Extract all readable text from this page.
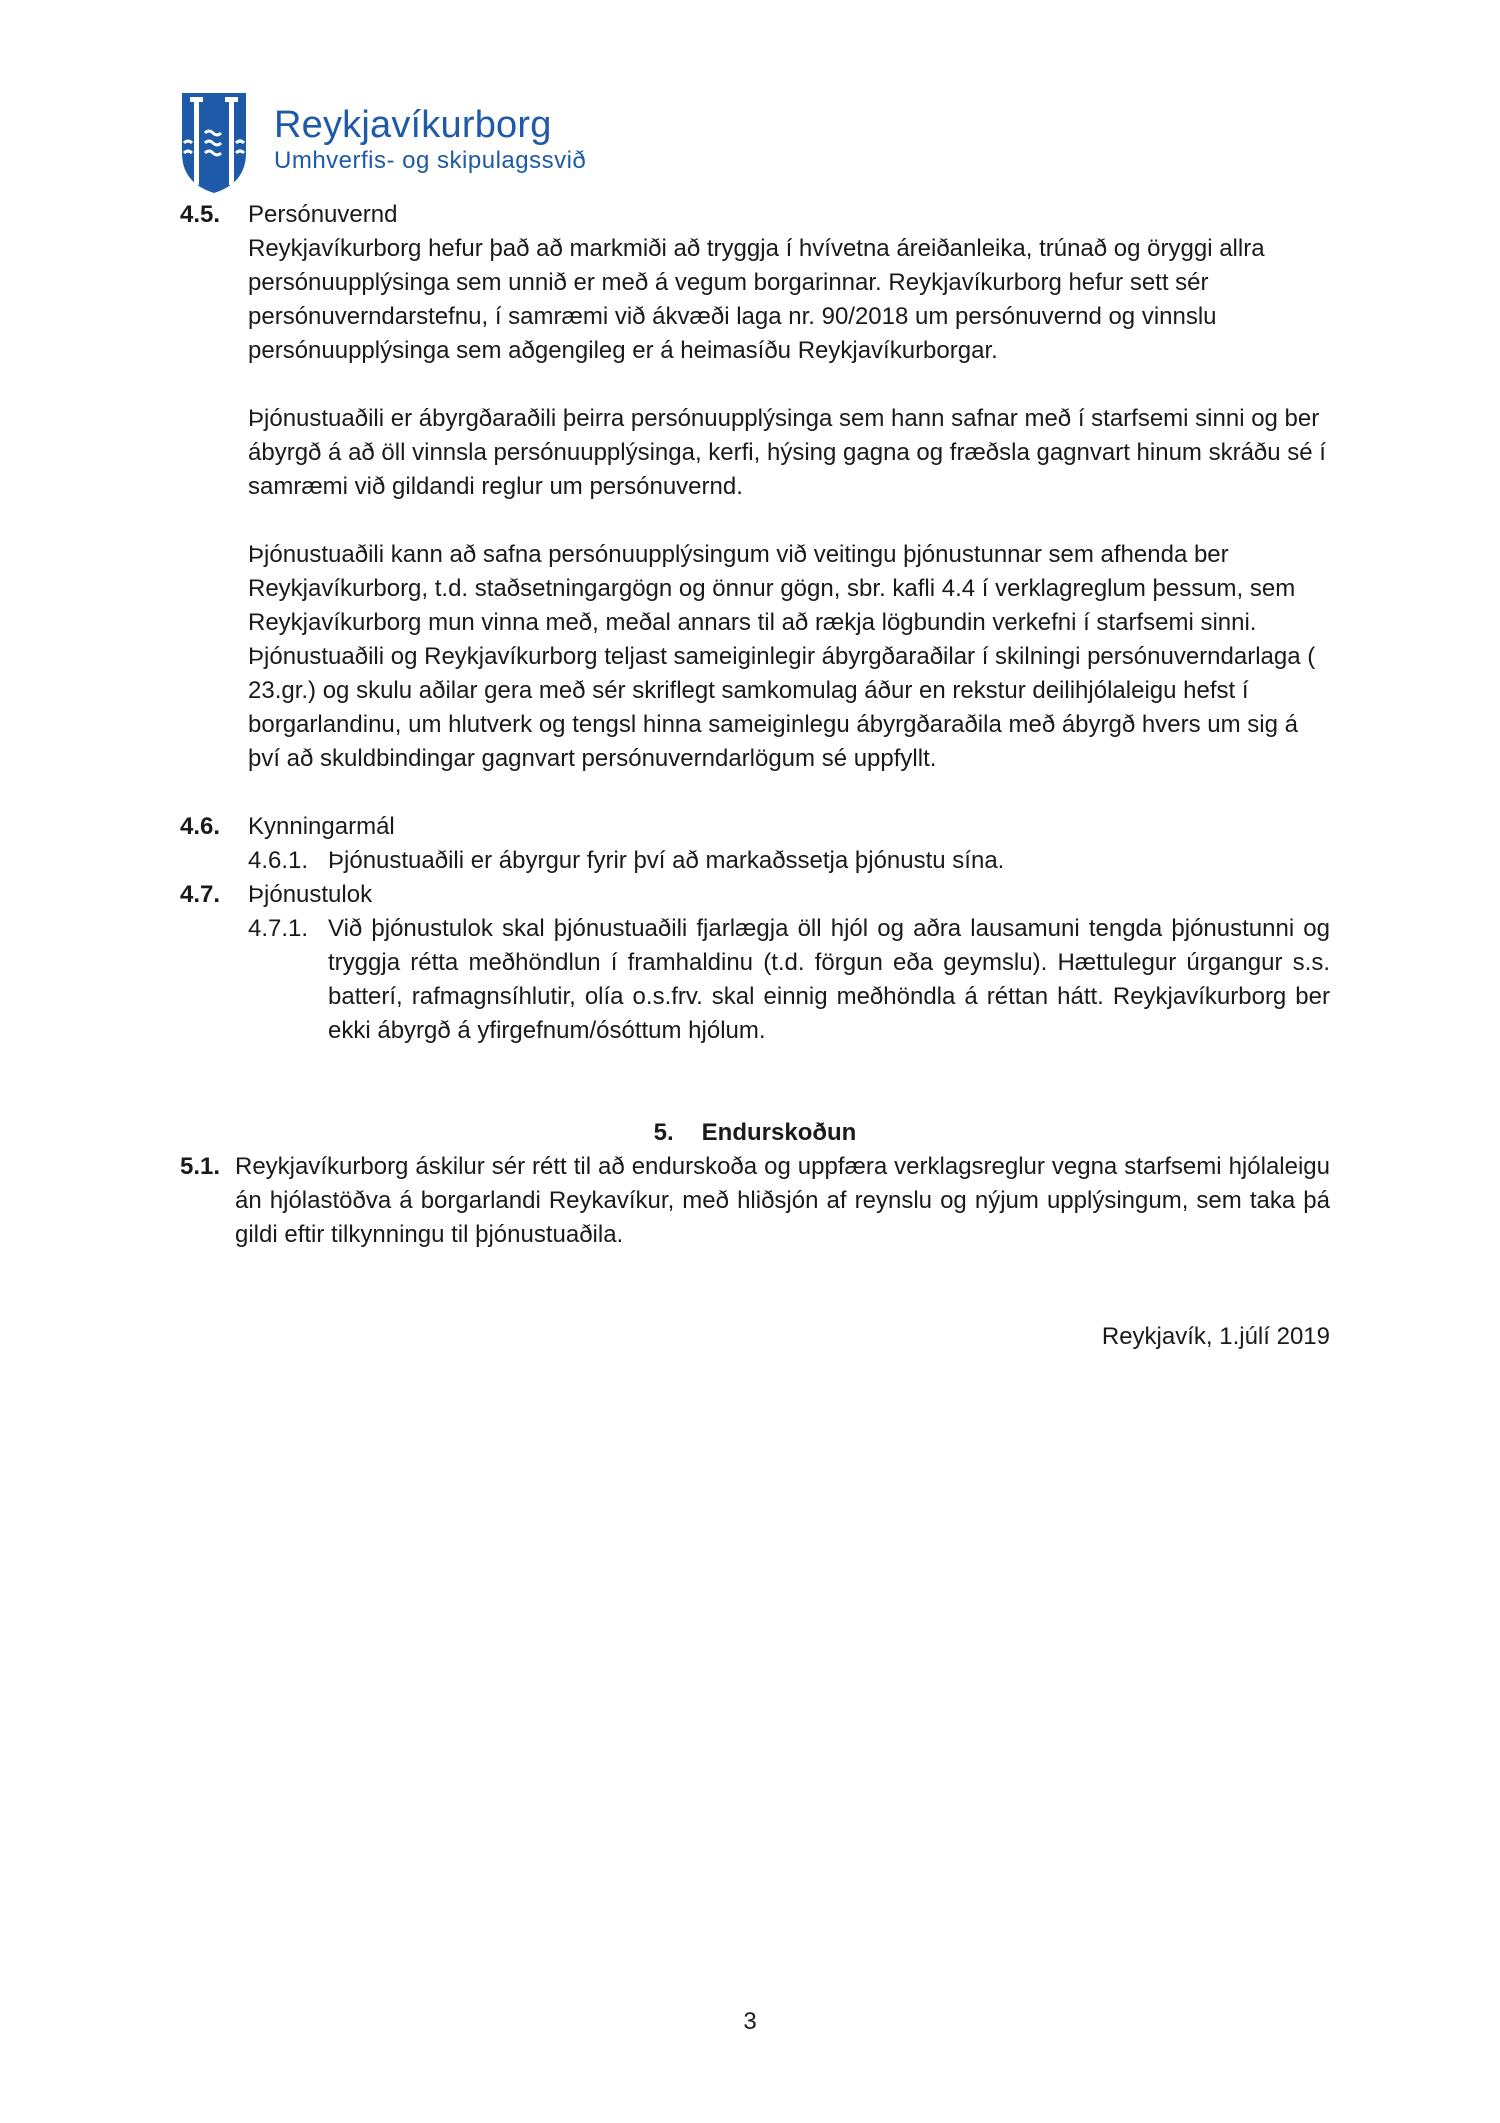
Reykjavíkurborg
Umhverfis- og skipulagssvið
4.5.	Persónuvernd

Reykjavíkurborg hefur það að markmiði að tryggja í hvívetna áreiðanleika, trúnað og öryggi allra persónuupplýsinga sem unnið er með á vegum borgarinnar. Reykjavíkurborg hefur sett sér persónuverndarstefnu, í samræmi við ákvæði laga nr. 90/2018 um persónuvernd og vinnslu persónuupplýsinga sem aðgengileg er á heimasíðu Reykjavíkurborgar.

Þjónustuaðili er ábyrgðaraðili þeirra persónuupplýsinga sem hann safnar með í starfsemi sinni og ber ábyrgð á að öll vinnsla persónuupplýsinga, kerfi, hýsing gagna og fræðsla gagnvart hinum skráðu sé í samræmi við gildandi reglur um persónuvernd.

Þjónustuaðili kann að safna persónuupplýsingum við veitingu þjónustunnar sem afhenda ber Reykjavíkurborg, t.d. staðsetningargögn og önnur gögn, sbr. kafli 4.4 í verklagreglum þessum, sem Reykjavíkurborg mun vinna með, meðal annars til að rækja lögbundin verkefni í starfsemi sinni. Þjónustuaðili og Reykjavíkurborg teljast sameiginlegir ábyrgðaraðilar í skilningi persónuverndarlaga ( 23.gr.) og skulu aðilar gera með sér skriflegt samkomulag áður en rekstur deilihjólaleigu hefst í borgarlandinu, um hlutverk og tengsl hinna sameiginlegu ábyrgðaraðila með ábyrgð hvers um sig á því að skuldbindingar gagnvart persónuverndarlögum sé uppfyllt.

4.6.	Kynningarmál
4.6.1. Þjónustuaðili er ábyrgur fyrir því að markaðssetja þjónustu sína.
4.7.	Þjónustulok
4.7.1. Við þjónustulok skal þjónustuaðili fjarlægja öll hjól og aðra lausamuni tengda þjónustunni og tryggja rétta meðhöndlun í framhaldinu (t.d. förgun eða geymslu). Hættulegur úrgangur s.s. batterí, rafmagnsíhlutir, olía o.s.frv. skal einnig meðhöndla á réttan hátt. Reykjavíkurborg ber ekki ábyrgð á yfirgefnum/ósóttum hjólum.
5. Endurskoðun
5.1. Reykjavíkurborg áskilur sér rétt til að endurskoða og uppfæra verklagsreglur vegna starfsemi hjólaleigu án hjólastöðva á borgarlandi Reykavíkur, með hliðsjón af reynslu og nýjum upplýsingum, sem taka þá gildi eftir tilkynningu til þjónustuaðila.
Reykjavík, 1.júlí 2019
3
